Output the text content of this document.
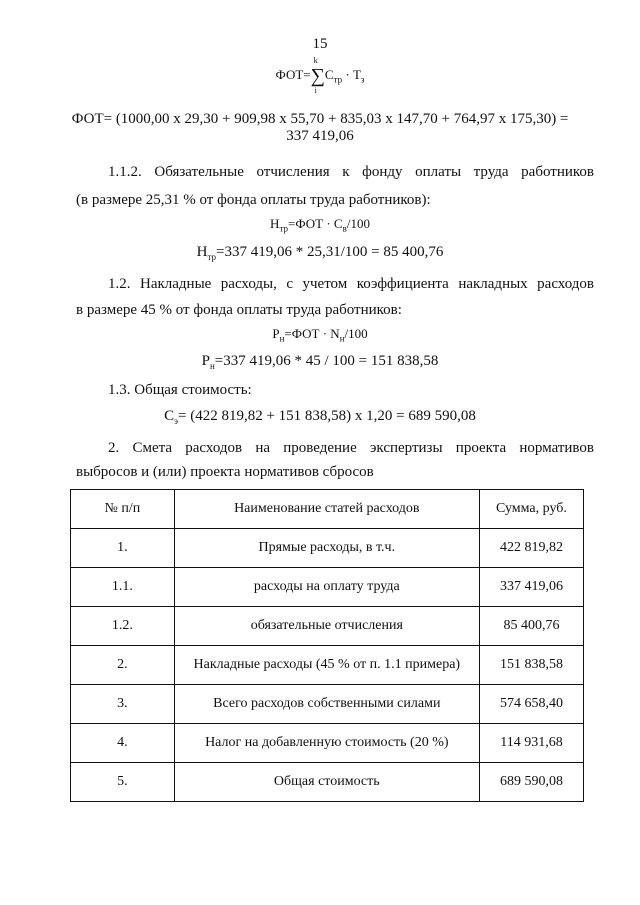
15
ФОТ=∑
k
i
$С_{тр} \cdot Т_з$
ФОТ= (1000,00 х 29,30 + 909,98 х 55,70 + 835,03 х 147,70 + 764,97 х 175,30) =
337 419,06
1.1.2. Обязательные отчисления к фонду оплаты труда работников
(в размере 25,31 % от фонда оплаты труда работников):
$Н_{тр}=ФОТ \cdot С_в/100$
$Н_{тр}=337$ 419,06 * 25,31/100 = 85 400,76
1.2. Накладные расходы, с учетом коэффициента накладных расходов
в размере 45 % от фонда оплаты труда работников:
$Р_н=ФОТ \cdot N_н/100$
$Р_н=337$ 419,06 * 45 / 100 = 151 838,58
1.3. Общая стоимость:
$С_э= (422$ 819,82 + 151 838,58) х 1,20 = 689 590,08
2. Смета расходов на проведение экспертизы проекта нормативов
выбросов и (или) проекта нормативов сбросов
№ п/п	Наименование статей расходов	Сумма, руб.
1.	Прямые расходы, в т.ч.	422 819,82
1.1.	расходы на оплату труда	337 419,06
1.2.	обязательные отчисления	85 400,76
2.	Накладные расходы (45 % от п. 1.1 примера)	151 838,58
3.	Всего расходов собственными силами	574 658,40
4.	Налог на добавленную стоимость (20 %)	114 931,68
5.	Общая стоимость	689 590,08
